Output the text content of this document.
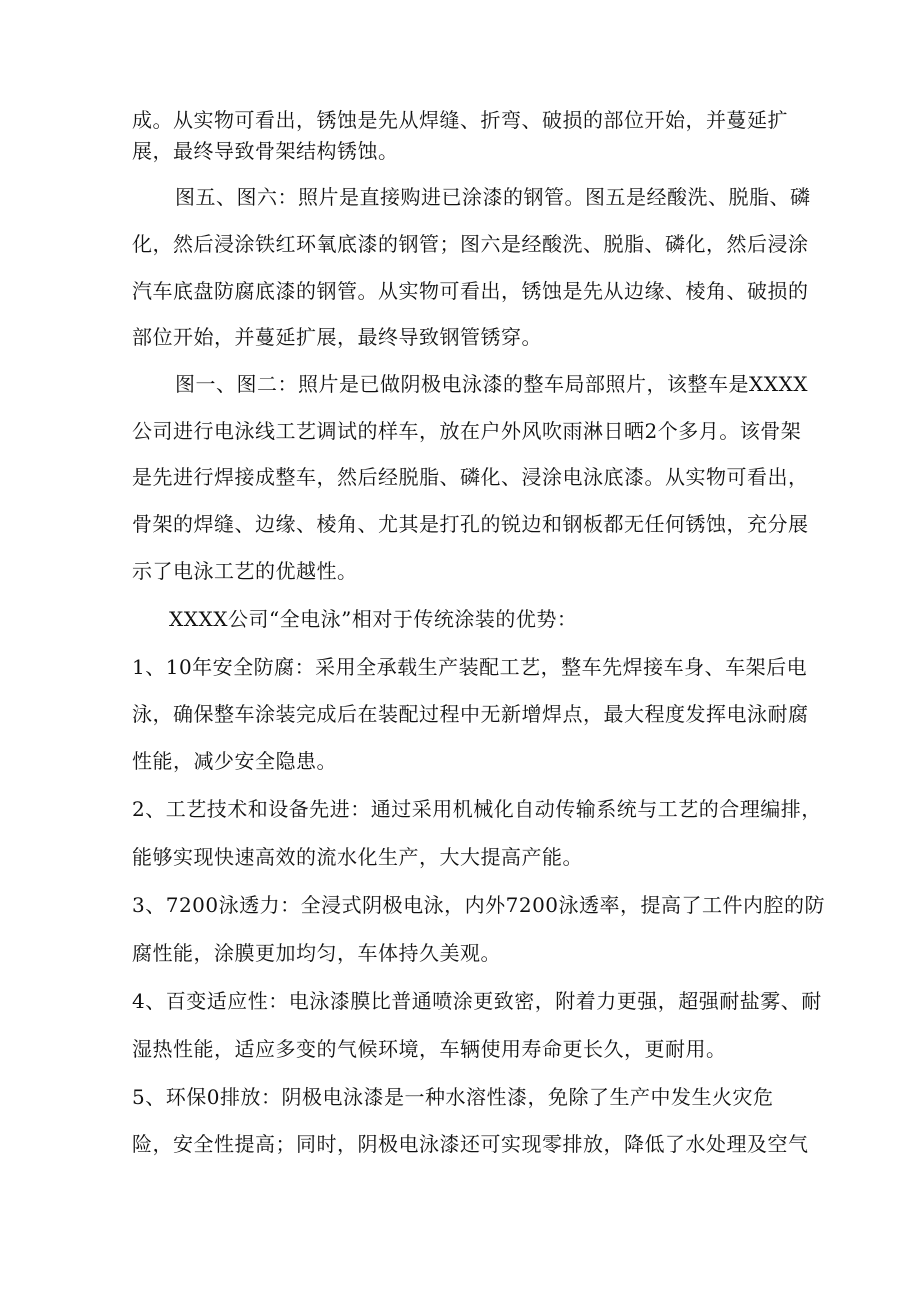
成。从实物可看出，锈蚀是先从焊缝、折弯、破损的部位开始，并蔓延扩
展，最终导致骨架结构锈蚀。
图五、图六：照片是直接购进已涂漆的钢管。图五是经酸洗、脱脂、磷
化，然后浸涂铁红环氧底漆的钢管；图六是经酸洗、脱脂、磷化，然后浸涂
汽车底盘防腐底漆的钢管。从实物可看出，锈蚀是先从边缘、棱角、破损的
部位开始，并蔓延扩展，最终导致钢管锈穿。
图一、图二：照片是已做阴极电泳漆的整车局部照片，该整车是XXXX
公司进行电泳线工艺调试的样车，放在户外风吹雨淋日晒2个多月。该骨架
是先进行焊接成整车，然后经脱脂、磷化、浸涂电泳底漆。从实物可看出，
骨架的焊缝、边缘、棱角、尤其是打孔的锐边和钢板都无任何锈蚀，充分展
示了电泳工艺的优越性。
XXXX公司“全电泳”相对于传统涂装的优势：
1、10年安全防腐：采用全承载生产装配工艺，整车先焊接车身、车架后电
泳，确保整车涂装完成后在装配过程中无新增焊点，最大程度发挥电泳耐腐
性能，减少安全隐患。
2、工艺技术和设备先进：通过采用机械化自动传输系统与工艺的合理编排，
能够实现快速高效的流水化生产，大大提高产能。
3、7200泳透力：全浸式阴极电泳，内外7200泳透率，提高了工件内腔的防
腐性能，涂膜更加均匀，车体持久美观。
4、百变适应性：电泳漆膜比普通喷涂更致密，附着力更强，超强耐盐雾、耐
湿热性能，适应多变的气候环境，车辆使用寿命更长久，更耐用。
5、环保0排放：阴极电泳漆是一种水溶性漆，免除了生产中发生火灾危
险，安全性提高；同时，阴极电泳漆还可实现零排放，降低了水处理及空气
